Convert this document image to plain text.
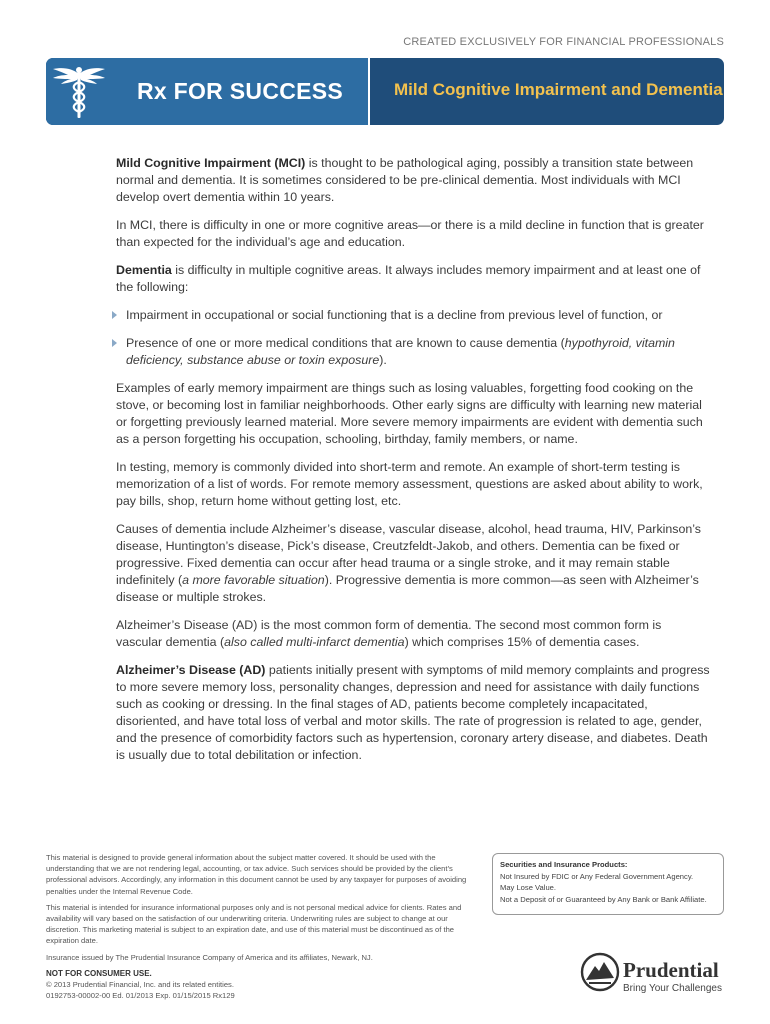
CREATED EXCLUSIVELY FOR FINANCIAL PROFESSIONALS
Rx FOR SUCCESS	Mild Cognitive Impairment and Dementia

Mild Cognitive Impairment (MCI) is thought to be pathological aging, possibly a transition state between normal and dementia. It is sometimes considered to be pre-clinical dementia. Most individuals with MCI develop overt dementia within 10 years.

In MCI, there is difficulty in one or more cognitive areas—or there is a mild decline in function that is greater than expected for the individual’s age and education.

Dementia is difficulty in multiple cognitive areas. It always includes memory impairment and at least one of the following:

Impairment in occupational or social functioning that is a decline from previous level of function, or
Presence of one or more medical conditions that are known to cause dementia (hypothyroid, vitamin deficiency, substance abuse or toxin exposure).

Examples of early memory impairment are things such as losing valuables, forgetting food cooking on the stove, or becoming lost in familiar neighborhoods. Other early signs are difficulty with learning new material or forgetting previously learned material. More severe memory impairments are evident with dementia such as a person forgetting his occupation, schooling, birthday, family members, or name.

In testing, memory is commonly divided into short-term and remote. An example of short-term testing is memorization of a list of words. For remote memory assessment, questions are asked about ability to work, pay bills, shop, return home without getting lost, etc.

Causes of dementia include Alzheimer’s disease, vascular disease, alcohol, head trauma, HIV, Parkinson’s disease, Huntington’s disease, Pick’s disease, Creutzfeldt-Jakob, and others. Dementia can be fixed or progressive. Fixed dementia can occur after head trauma or a single stroke, and it may remain stable indefinitely (a more favorable situation). Progressive dementia is more common—as seen with Alzheimer’s disease or multiple strokes.

Alzheimer’s Disease (AD) is the most common form of dementia. The second most common form is vascular dementia (also called multi-infarct dementia) which comprises 15% of dementia cases.

Alzheimer’s Disease (AD) patients initially present with symptoms of mild memory complaints and progress to more severe memory loss, personality changes, depression and need for assistance with daily functions such as cooking or dressing. In the final stages of AD, patients become completely incapacitated, disoriented, and have total loss of verbal and motor skills. The rate of progression is related to age, gender, and the presence of comorbidity factors such as hypertension, coronary artery disease, and diabetes. Death is usually due to total debilitation or infection.

This material is designed to provide general information about the subject matter covered. It should be used with the understanding that we are not rendering legal, accounting, or tax advice. Such services should be provided by the client’s professional advisors. Accordingly, any information in this document cannot be used by any taxpayer for purposes of avoiding penalties under the Internal Revenue Code.

This material is intended for insurance informational purposes only and is not personal medical advice for clients. Rates and availability will vary based on the satisfaction of our underwriting criteria. Underwriting rules are subject to change at our discretion. This marketing material is subject to an expiration date, and use of this material must be discontinued as of the expiration date.

Insurance issued by The Prudential Insurance Company of America and its affiliates, Newark, NJ.

NOT FOR CONSUMER USE.

© 2013 Prudential Financial, Inc. and its related entities.

0192753-00002-00 Ed. 01/2013 Exp. 01/15/2015 Rx129

Securities and Insurance Products:
Not Insured by FDIC or Any Federal Government Agency.
May Lose Value.
Not a Deposit of or Guaranteed by Any Bank or Bank Affiliate.
Prudential
Bring Your Challenges
